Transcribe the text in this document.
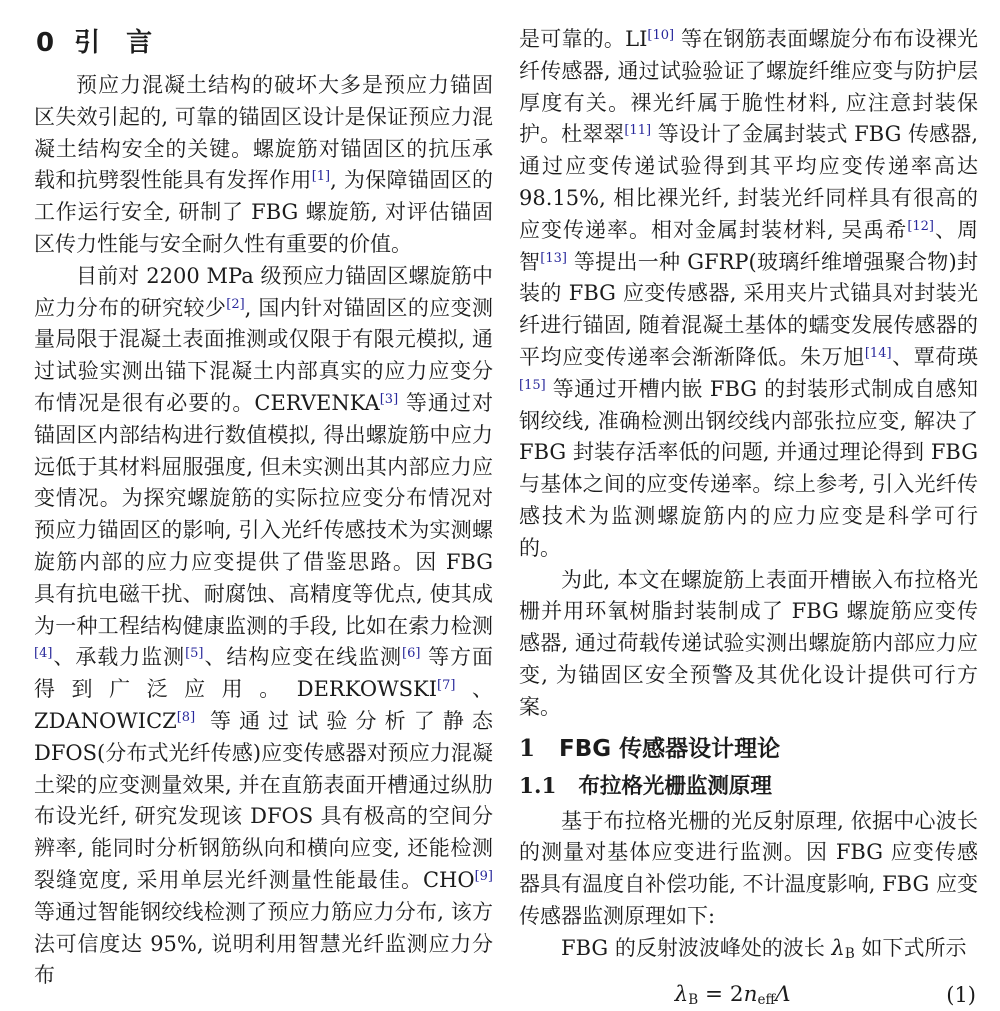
0 引　言

预应力混凝土结构的破坏大多是预应力锚固区失效引起的, 可靠的锚固区设计是保证预应力混凝土结构安全的关键。螺旋筋对锚固区的抗压承载和抗劈裂性能具有发挥作用[1], 为保障锚固区的工作运行安全, 研制了 FBG 螺旋筋, 对评估锚固区传力性能与安全耐久性有重要的价值。

目前对 2200 MPa 级预应力锚固区螺旋筋中应力分布的研究较少[2], 国内针对锚固区的应变测量局限于混凝土表面推测或仅限于有限元模拟, 通过试验实测出锚下混凝土内部真实的应力应变分布情况是很有必要的。CERVENKA[3] 等通过对锚固区内部结构进行数值模拟, 得出螺旋筋中应力远低于其材料屈服强度, 但未实测出其内部应力应变情况。为探究螺旋筋的实际拉应变分布情况对预应力锚固区的影响, 引入光纤传感技术为实测螺旋筋内部的应力应变提供了借鉴思路。因 FBG 具有抗电磁干扰、耐腐蚀、高精度等优点, 使其成为一种工程结构健康监测的手段, 比如在索力检测[4]、承载力监测[5]、结构应变在线监测[6] 等方面得到广泛应用。DERKOWSKI[7]、ZDANOWICZ[8] 等通过试验分析了静态 DFOS(分布式光纤传感)应变传感器对预应力混凝土梁的应变测量效果, 并在直筋表面开槽通过纵肋布设光纤, 研究发现该 DFOS 具有极高的空间分辨率, 能同时分析钢筋纵向和横向应变, 还能检测裂缝宽度, 采用单层光纤测量性能最佳。CHO[9] 等通过智能钢绞线检测了预应力筋应力分布, 该方法可信度达 95%, 说明利用智慧光纤监测应力分布

是可靠的。LI[10] 等在钢筋表面螺旋分布布设裸光纤传感器, 通过试验验证了螺旋纤维应变与防护层厚度有关。裸光纤属于脆性材料, 应注意封装保护。杜翠翠[11] 等设计了金属封装式 FBG 传感器, 通过应变传递试验得到其平均应变传递率高达 98.15%, 相比裸光纤, 封装光纤同样具有很高的应变传递率。相对金属封装材料, 吴禹希[12]、周智[13] 等提出一种 GFRP(玻璃纤维增强聚合物)封装的 FBG 应变传感器, 采用夹片式锚具对封装光纤进行锚固, 随着混凝土基体的蠕变发展传感器的平均应变传递率会渐渐降低。朱万旭[14]、覃荷瑛[15] 等通过开槽内嵌 FBG 的封装形式制成自感知钢绞线, 准确检测出钢绞线内部张拉应变, 解决了 FBG 封装存活率低的问题, 并通过理论得到 FBG 与基体之间的应变传递率。综上参考, 引入光纤传感技术为监测螺旋筋内的应力应变是科学可行的。

为此, 本文在螺旋筋上表面开槽嵌入布拉格光栅并用环氧树脂封装制成了 FBG 螺旋筋应变传感器, 通过荷载传递试验实测出螺旋筋内部应力应变, 为锚固区安全预警及其优化设计提供可行方案。

1 FBG 传感器设计理论
1.1 布拉格光栅监测原理

基于布拉格光栅的光反射原理, 依据中心波长的测量对基体应变进行监测。因 FBG 应变传感器具有温度自补偿功能, 不计温度影响, FBG 应变传感器监测原理如下:

FBG 的反射波波峰处的波长 λB 如下式所示

λB = 2neffΛ	(1)
